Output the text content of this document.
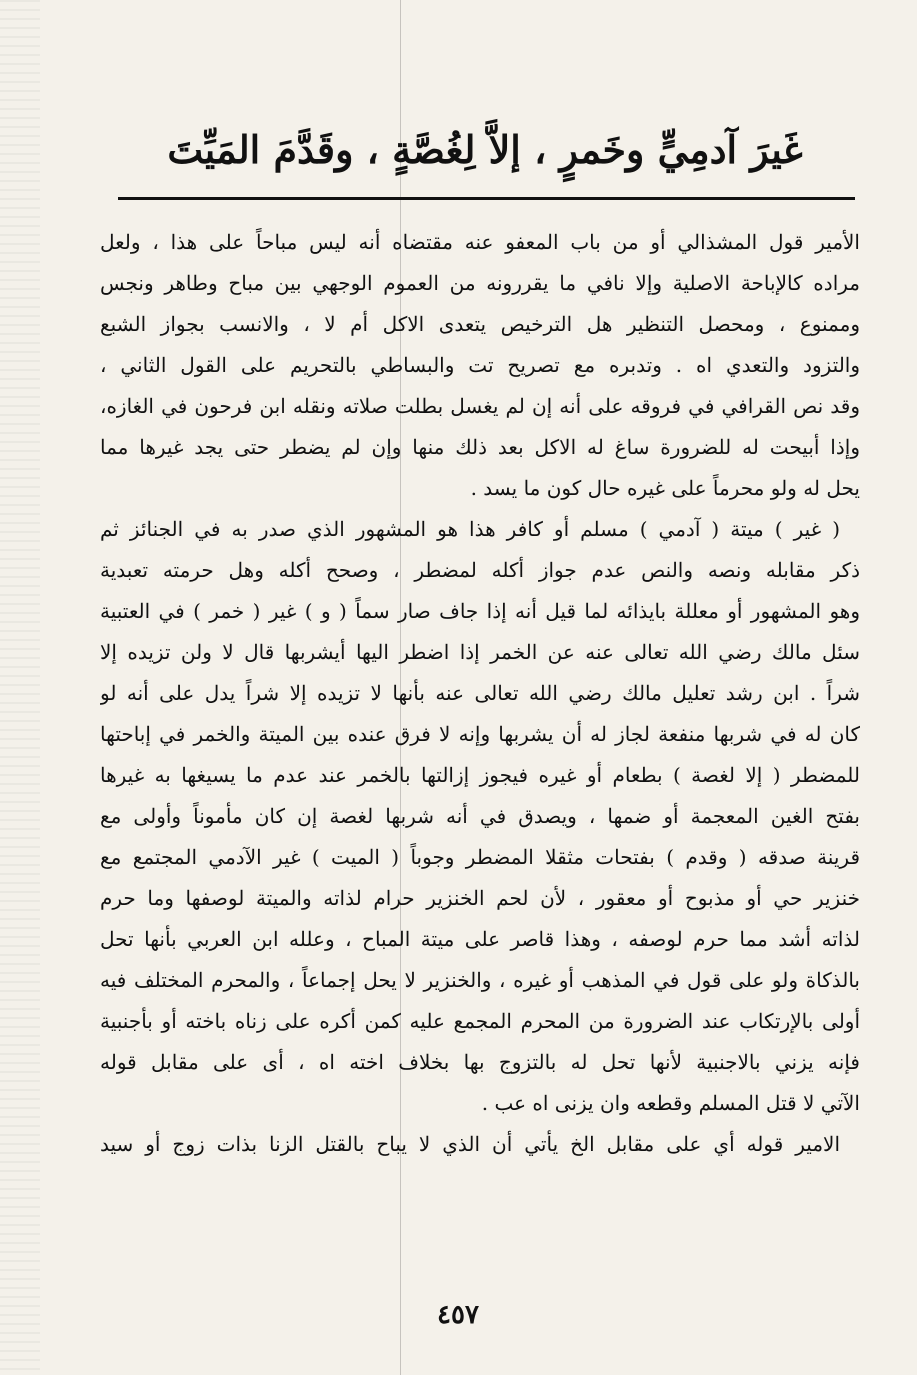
غَيرَ آدمِيٍّ وخَمرٍ ، إلاَّ لِغُصَّةٍ ، وقَدَّمَ المَيِّتَ
الأمير قول المشذالي أو من باب المعفو عنه مقتضاه أنه ليس مباحاً على هذا ، ولعل
مراده كالإباحة الاصلية وإلا نافي ما يقررونه من العموم الوجهي بين مباح وطاهر ونجس
وممنوع ، ومحصل التنظير هل الترخيص يتعدى الاكل أم لا ، والانسب بجواز الشبع
والتزود والتعدي اه . وتدبره مع تصريح تت والبساطي بالتحريم على القول الثاني ،
وقد نص القرافي في فروقه على أنه إن لم يغسل بطلت صلاته ونقله ابن فرحون في الغازه،
وإذا أبيحت له للضرورة ساغ له الاكل بعد ذلك منها وإن لم يضطر حتى يجد غيرها مما
يحل له ولو محرماً على غيره حال كون ما يسد .
( غير ) ميتة ( آدمي ) مسلم أو كافر هذا هو المشهور الذي صدر به في الجنائز ثم
ذكر مقابله ونصه والنص عدم جواز أكله لمضطر ، وصحح أكله وهل حرمته تعبدية
وهو المشهور أو معللة بايذائه لما قيل أنه إذا جاف صار سماً ( و ) غير ( خمر ) في العتبية
سئل مالك رضي الله تعالى عنه عن الخمر إذا اضطر اليها أيشربها قال لا ولن تزيده إلا
شراً . ابن رشد تعليل مالك رضي الله تعالى عنه بأنها لا تزيده إلا شراً يدل على أنه لو
كان له في شربها منفعة لجاز له أن يشربها وإنه لا فرق عنده بين الميتة والخمر في إباحتها
للمضطر ( إلا لغصة ) بطعام أو غيره فيجوز إزالتها بالخمر عند عدم ما يسيغها به غيرها
بفتح الغين المعجمة أو ضمها ، ويصدق في أنه شربها لغصة إن كان مأموناً وأولى مع
قرينة صدقه ( وقدم ) بفتحات مثقلا المضطر وجوباً ( الميت ) غير الآدمي المجتمع مع
خنزير حي أو مذبوح أو معقور ، لأن لحم الخنزير حرام لذاته والميتة لوصفها وما حرم
لذاته أشد مما حرم لوصفه ، وهذا قاصر على ميتة المباح ، وعلله ابن العربي بأنها تحل
بالذكاة ولو على قول في المذهب أو غيره ، والخنزير لا يحل إجماعاً ، والمحرم المختلف فيه
أولى بالإرتكاب عند الضرورة من المحرم المجمع عليه كمن أكره على زناه باخته أو بأجنبية
فإنه يزني بالاجنبية لأنها تحل له بالتزوج بها بخلاف اخته اه ، أى على مقابل قوله
الآتي لا قتل المسلم وقطعه وان يزنى اه عب .
الامير قوله أي على مقابل الخ يأتي أن الذي لا يباح بالقتل الزنا بذات زوج أو سيد
٤٥٧
